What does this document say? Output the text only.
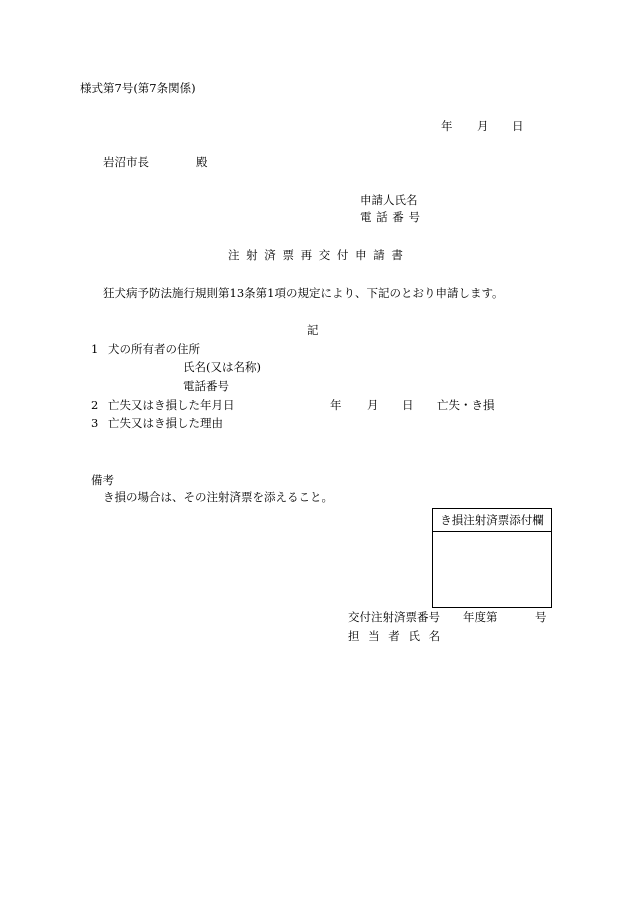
様式第7号(第7条関係)
年 月 日
岩沼市長	殿
申請人氏名
電 話 番 号
注 射 済 票 再 交 付 申 請 書
狂犬病予防法施行規則第13条第1項の規定により、下記のとおり申請します。
記
1 犬の所有者の住所
氏名(又は名称)
電話番号
2 亡失又はき損した年月日	年 月 日 亡失・き損
3 亡失又はき損した理由
備考
き損の場合は、その注射済票を添えること。
き損注射済票添付欄
交付注射済票番号 年度第	号
担 当 者 氏 名
